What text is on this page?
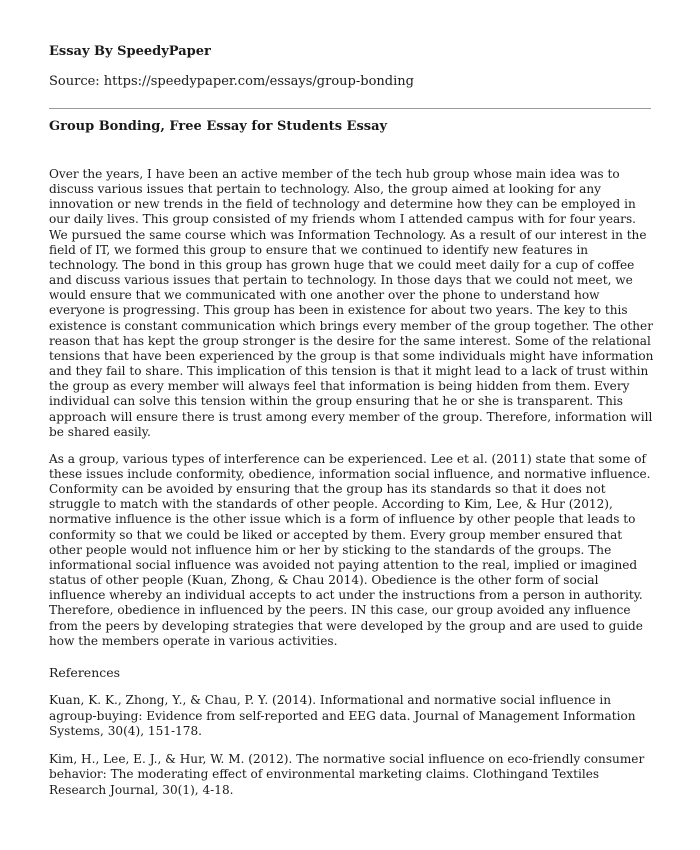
Essay By SpeedyPaper
Source: https://speedypaper.com/essays/group-bonding
Group Bonding, Free Essay for Students Essay

Over the years, I have been an active member of the tech hub group whose main idea was to discuss various issues that pertain to technology. Also, the group aimed at looking for any innovation or new trends in the field of technology and determine how they can be employed in our daily lives. This group consisted of my friends whom I attended campus with for four years. We pursued the same course which was Information Technology. As a result of our interest in the field of IT, we formed this group to ensure that we continued to identify new features in technology. The bond in this group has grown huge that we could meet daily for a cup of coffee and discuss various issues that pertain to technology. In those days that we could not meet, we would ensure that we communicated with one another over the phone to understand how everyone is progressing. This group has been in existence for about two years. The key to this existence is constant communication which brings every member of the group together. The other reason that has kept the group stronger is the desire for the same interest. Some of the relational tensions that have been experienced by the group is that some individuals might have information and they fail to share. This implication of this tension is that it might lead to a lack of trust within the group as every member will always feel that information is being hidden from them. Every individual can solve this tension within the group ensuring that he or she is transparent. This approach will ensure there is trust among every member of the group. Therefore, information will be shared easily.

As a group, various types of interference can be experienced. Lee et al. (2011) state that some of these issues include conformity, obedience, information social influence, and normative influence. Conformity can be avoided by ensuring that the group has its standards so that it does not struggle to match with the standards of other people. According to Kim, Lee, & Hur (2012), normative influence is the other issue which is a form of influence by other people that leads to conformity so that we could be liked or accepted by them. Every group member ensured that other people would not influence him or her by sticking to the standards of the groups. The informational social influence was avoided not paying attention to the real, implied or imagined status of other people (Kuan, Zhong, & Chau 2014). Obedience is the other form of social influence whereby an individual accepts to act under the instructions from a person in authority. Therefore, obedience in influenced by the peers. IN this case, our group avoided any influence from the peers by developing strategies that were developed by the group and are used to guide how the members operate in various activities.

References

Kuan, K. K., Zhong, Y., & Chau, P. Y. (2014). Informational and normative social influence in agroup-buying: Evidence from self-reported and EEG data. Journal of Management Information Systems, 30(4), 151-178.

Kim, H., Lee, E. J., & Hur, W. M. (2012). The normative social influence on eco-friendly consumer behavior: The moderating effect of environmental marketing claims. Clothingand Textiles Research Journal, 30(1), 4-18.
